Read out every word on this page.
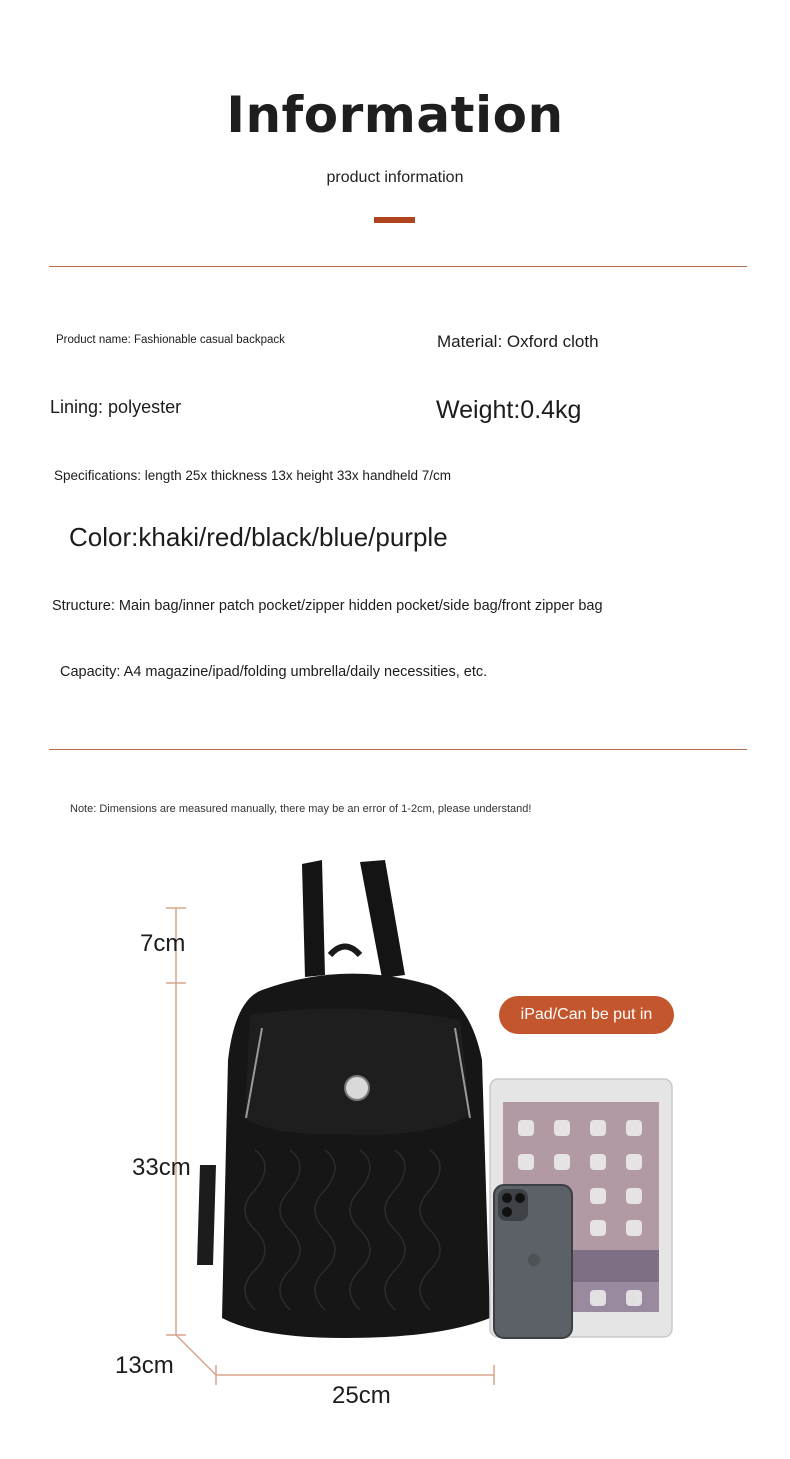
Information
product information
Product name: Fashionable casual backpack	Material: Oxford cloth
Lining: polyester	Weight:0.4kg
Specifications: length 25x thickness 13x height 33x handheld 7/cm
Color:khaki/red/black/blue/purple
Structure: Main bag/inner patch pocket/zipper hidden pocket/side bag/front zipper bag
Capacity: A4 magazine/ipad/folding umbrella/daily necessities, etc.
Note: Dimensions are measured manually, there may be an error of 1-2cm, please understand!
7cm
33cm
13cm
25cm
iPad/Can be put in
